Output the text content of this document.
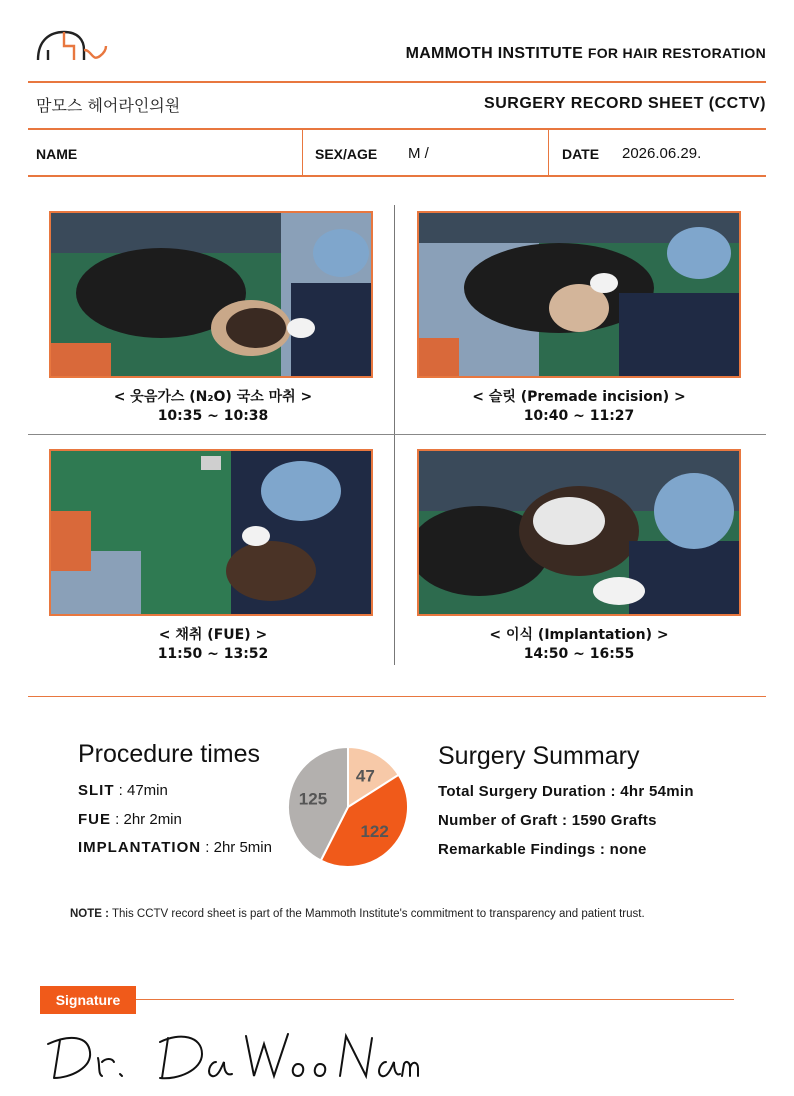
MAMMOTH INSTITUTE FOR HAIR RESTORATION
맘모스 헤어라인의원	SURGERY RECORD SHEET (CCTV)
NAME	SEX/AGE M /	DATE 2026.06.29.
< 웃음가스 (N₂O) 국소 마취 >
10:35 ~ 10:38
< 슬릿 (Premade incision) >
10:40 ~ 11:27
< 채취 (FUE) >
11:50 ~ 13:52
< 이식 (Implantation) >
14:50 ~ 16:55
Procedure times
SLIT : 47min
FUE : 2hr 2min
IMPLANTATION : 2hr 5min
47
122
125
Surgery Summary
Total Surgery Duration : 4hr 54min
Number of Graft : 1590 Grafts
Remarkable Findings : none
NOTE : This CCTV record sheet is part of the Mammoth Institute's commitment to transparency and patient trust.
Signature
